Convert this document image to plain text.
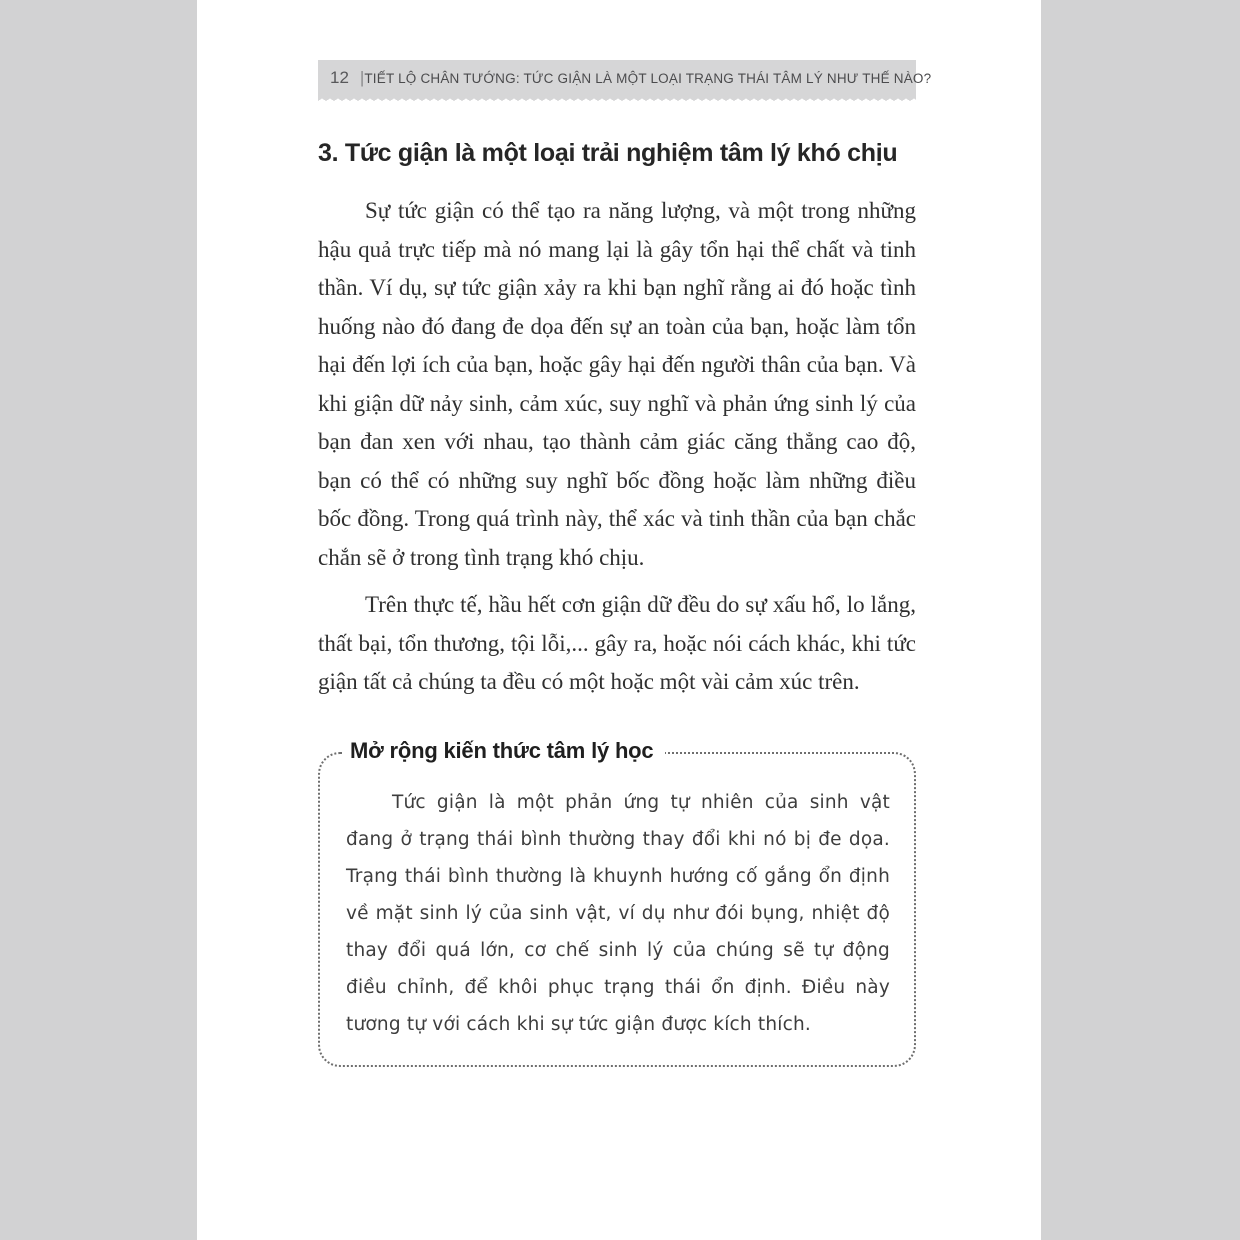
12 | TIẾT LỘ CHÂN TƯỚNG: TỨC GIẬN LÀ MỘT LOẠI TRẠNG THÁI TÂM LÝ NHƯ THẾ NÀO?
3. Tức giận là một loại trải nghiệm tâm lý khó chịu

Sự tức giận có thể tạo ra năng lượng, và một trong những hậu quả trực tiếp mà nó mang lại là gây tổn hại thể chất và tinh thần. Ví dụ, sự tức giận xảy ra khi bạn nghĩ rằng ai đó hoặc tình huống nào đó đang đe dọa đến sự an toàn của bạn, hoặc làm tổn hại đến lợi ích của bạn, hoặc gây hại đến người thân của bạn. Và khi giận dữ nảy sinh, cảm xúc, suy nghĩ và phản ứng sinh lý của bạn đan xen với nhau, tạo thành cảm giác căng thẳng cao độ, bạn có thể có những suy nghĩ bốc đồng hoặc làm những điều bốc đồng. Trong quá trình này, thể xác và tinh thần của bạn chắc chắn sẽ ở trong tình trạng khó chịu.

Trên thực tế, hầu hết cơn giận dữ đều do sự xấu hổ, lo lắng, thất bại, tổn thương, tội lỗi,... gây ra, hoặc nói cách khác, khi tức giận tất cả chúng ta đều có một hoặc một vài cảm xúc trên.

Mở rộng kiến thức tâm lý học

Tức giận là một phản ứng tự nhiên của sinh vật đang ở trạng thái bình thường thay đổi khi nó bị đe dọa. Trạng thái bình thường là khuynh hướng cố gắng ổn định về mặt sinh lý của sinh vật, ví dụ như đói bụng, nhiệt độ thay đổi quá lớn, cơ chế sinh lý của chúng sẽ tự động điều chỉnh, để khôi phục trạng thái ổn định. Điều này tương tự với cách khi sự tức giận được kích thích.
